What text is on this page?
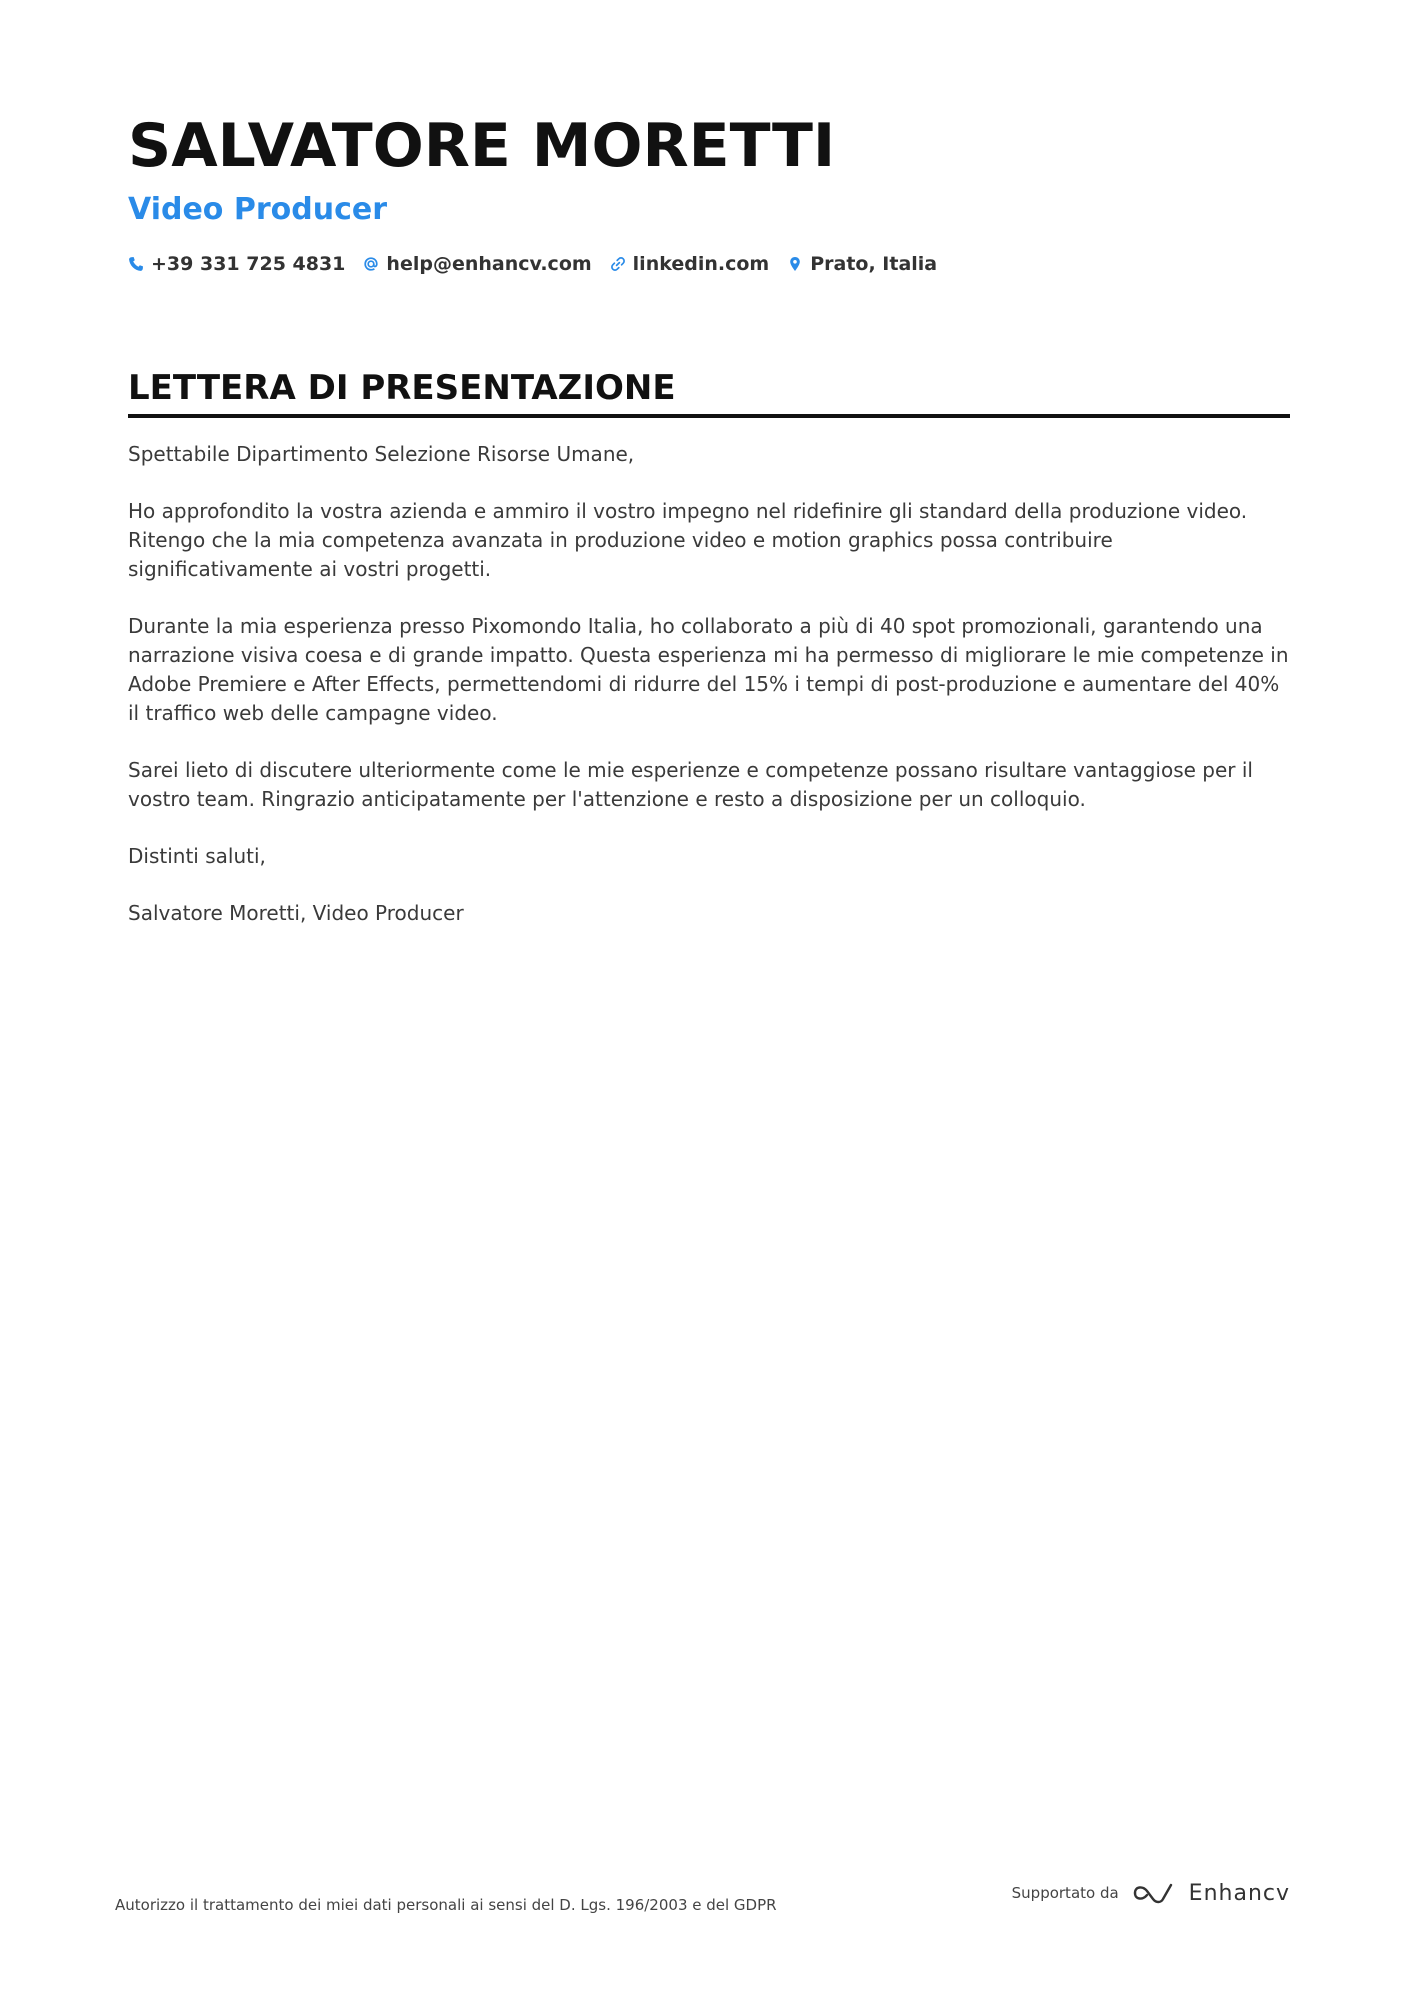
SALVATORE MORETTI
Video Producer
+39 331 725 4831 help@enhancv.com linkedin.com Prato, Italia
LETTERA DI PRESENTAZIONE

Spettabile Dipartimento Selezione Risorse Umane,

Ho approfondito la vostra azienda e ammiro il vostro impegno nel ridefinire gli standard della produzione video. Ritengo che la mia competenza avanzata in produzione video e motion graphics possa contribuire significativamente ai vostri progetti.

Durante la mia esperienza presso Pixomondo Italia, ho collaborato a più di 40 spot promozionali, garantendo una narrazione visiva coesa e di grande impatto. Questa esperienza mi ha permesso di migliorare le mie competenze in Adobe Premiere e After Effects, permettendomi di ridurre del 15% i tempi di post-produzione e aumentare del 40% il traffico web delle campagne video.

Sarei lieto di discutere ulteriormente come le mie esperienze e competenze possano risultare vantaggiose per il vostro team. Ringrazio anticipatamente per l'attenzione e resto a disposizione per un colloquio.

Distinti saluti,

Salvatore Moretti, Video Producer

Autorizzo il trattamento dei miei dati personali ai sensi del D. Lgs. 196/2003 e del GDPR
Supportato da	Enhancv
